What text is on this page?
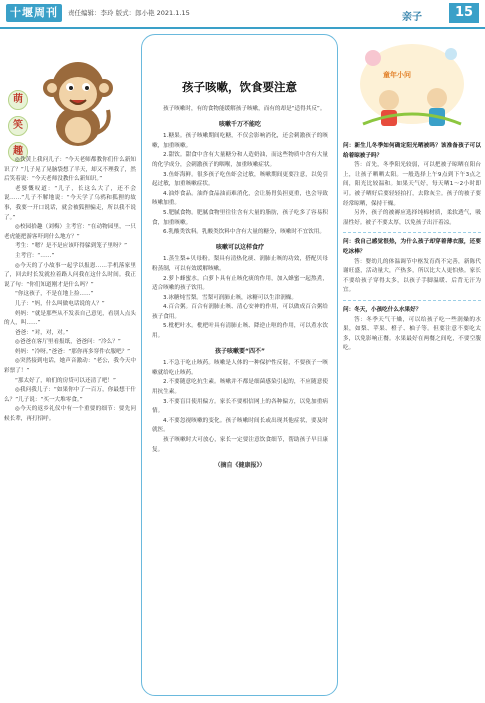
十堰周刊	责任编辑：李玲 版式：郎小艳 2021.1.15	亲子	15
萌
笑
趣

◎佚黄上我问儿子：“今天老师都教你们什么新知识了？”儿子晃了晃脑袋想了半天，却又不理我了，然后笑着说：“今天老师没教什么新知识。”

老婆慨叹道：“儿子，长这么大了，还不会说……”儿子不解地说：“今天学了乌鸦和狐狸的故事，我要一开口说话，就会被狐狸骗走，所以我不说了。”

◎校园拾趣（刘梅）主考官：“在动物园里，一只老虎能把游客吓到什么地方？”

考生：“嗯？是不是应该吓得躲到笼子里呀？”

主考官：“……”

◎今天的了小故事一起学以报恩……手机落家里了，回去时长发就拉着路人问我在这什么时间。我正说了句：“你们知道刚才是什么吗？”

“你这孩子，不是在地上捡……”

儿子：“妈，什么叫做电话说的人？”

妈妈：“就是那些从不发表自己意见，看别人点头的人，叫……”

爸爸：“对，对，对。”

◎爸爸在客厅里看报纸，爸爸问：“冷么？”

妈妈：“冷呀。”爸爸：“那你再多穿件衣服吧？”

◎突然接到电话，她声音激动：“老公，我今天中彩票了！”

“那太好了，咱们的房贷可以还清了吧！”

◎我问我儿子：“如果你中了一百万，你最想干什么？”儿子说：“买一大堆零食。”

◎今天的返乡礼仪中有一个重要的细节：要先问候长辈，再打招呼。

孩子咳嗽，饮食要注意

孩子咳嗽时，有的食物能缓解孩子咳嗽，而有的却是“适得其反”。

咳嗽千万不能吃

1.糖果。孩子咳嗽期间吃糖，不仅会影响消化，还会刺激孩子的咳嗽，加重咳嗽。

2.甜饮。甜食中含有大量糖分和人造奶油，而这些物质中含有大量的化学成分，会刺激孩子的咽喉，加重咳嗽症状。

3.鱼虾海鲜。很多孩子吃鱼虾会过敏，咳嗽期间更要注意，以免引起过敏，加重咳嗽症状。

4.油炸食品。油炸食品油而难消化，会让肠胃负担更重，也会导致咳嗽加重。

5.肥腻食物。肥腻食物里往往含有大量的脂肪，孩子吃多了容易积食，加重咳嗽。

6.乳酸类饮料。乳酸类饮料中含有大量的糖分，咳嗽时不宜饮用。

咳嗽可以这样食疗

1.蒸生梨+贝母粉。梨具有清热化痰、润肺止咳的功效，搭配贝母粉蒸制，可以有效缓解咳嗽。

2.萝卜蜂蜜水。白萝卜具有止咳化痰的作用，加入蜂蜜一起熬煮，适合咳嗽的孩子饮用。

3.冰糖炖雪梨。雪梨可润肺止咳，冰糖可以生津润燥。

4.百合粥。百合有润肺止咳、清心安神的作用，可以做成百合粥给孩子食用。

5.枇杷叶水。枇杷叶具有清肺止咳、降逆止呕的作用，可以煮水饮用。

孩子咳嗽要“四不”

1.不急于吃止咳药。咳嗽是人体的一种保护性反射，不要孩子一咳嗽就给吃止咳药。

2.不要随意吃抗生素。咳嗽并不都是细菌感染引起的，不应随意使用抗生素。

3.不要盲目使用偏方。家长不要相信网上的各种偏方，以免加重病情。

4.不要忽视咳嗽的变化。孩子咳嗽时间长或出现其他症状，要及时就医。

孩子咳嗽时大可放心，家长一定要注意饮食细节，帮助孩子早日康复。

（摘自《健康报》）
童年小问

问：新生儿冬季如何确定阳光晒被吗？该准备孩子可以给着晾被子吗？

答：首先，冬季阳光较弱，可以把被子晾晒在阳台上，让孩子晒晒太阳。一般选择上午9点到下午3点之间，阳光比较温和。如果天气好，每天晒1～2小时即可。被子晒好后要轻轻拍打，去除灰尘。孩子的被子要经常晾晒，保持干燥。

另外，孩子的被褥应选择纯棉材质，柔软透气，吸湿性好。被子不要太厚，以免孩子出汗着凉。

问：我自己感觉很热，为什么孩子却穿着薄衣服，还要吃冰棒？

答：婴幼儿的体温调节中枢发育尚不完善，新陈代谢旺盛，活动量大，产热多，所以比大人更怕热。家长不要给孩子穿得太多，以孩子手脚温暖、后背无汗为宜。

问：冬天，小孩吃什么水果好？

答：冬季天气干燥，可以给孩子吃一些润燥的水果，如梨、苹果、橙子、柚子等。但要注意不要吃太多，以免影响正餐。水果最好在两餐之间吃，不要空腹吃。
